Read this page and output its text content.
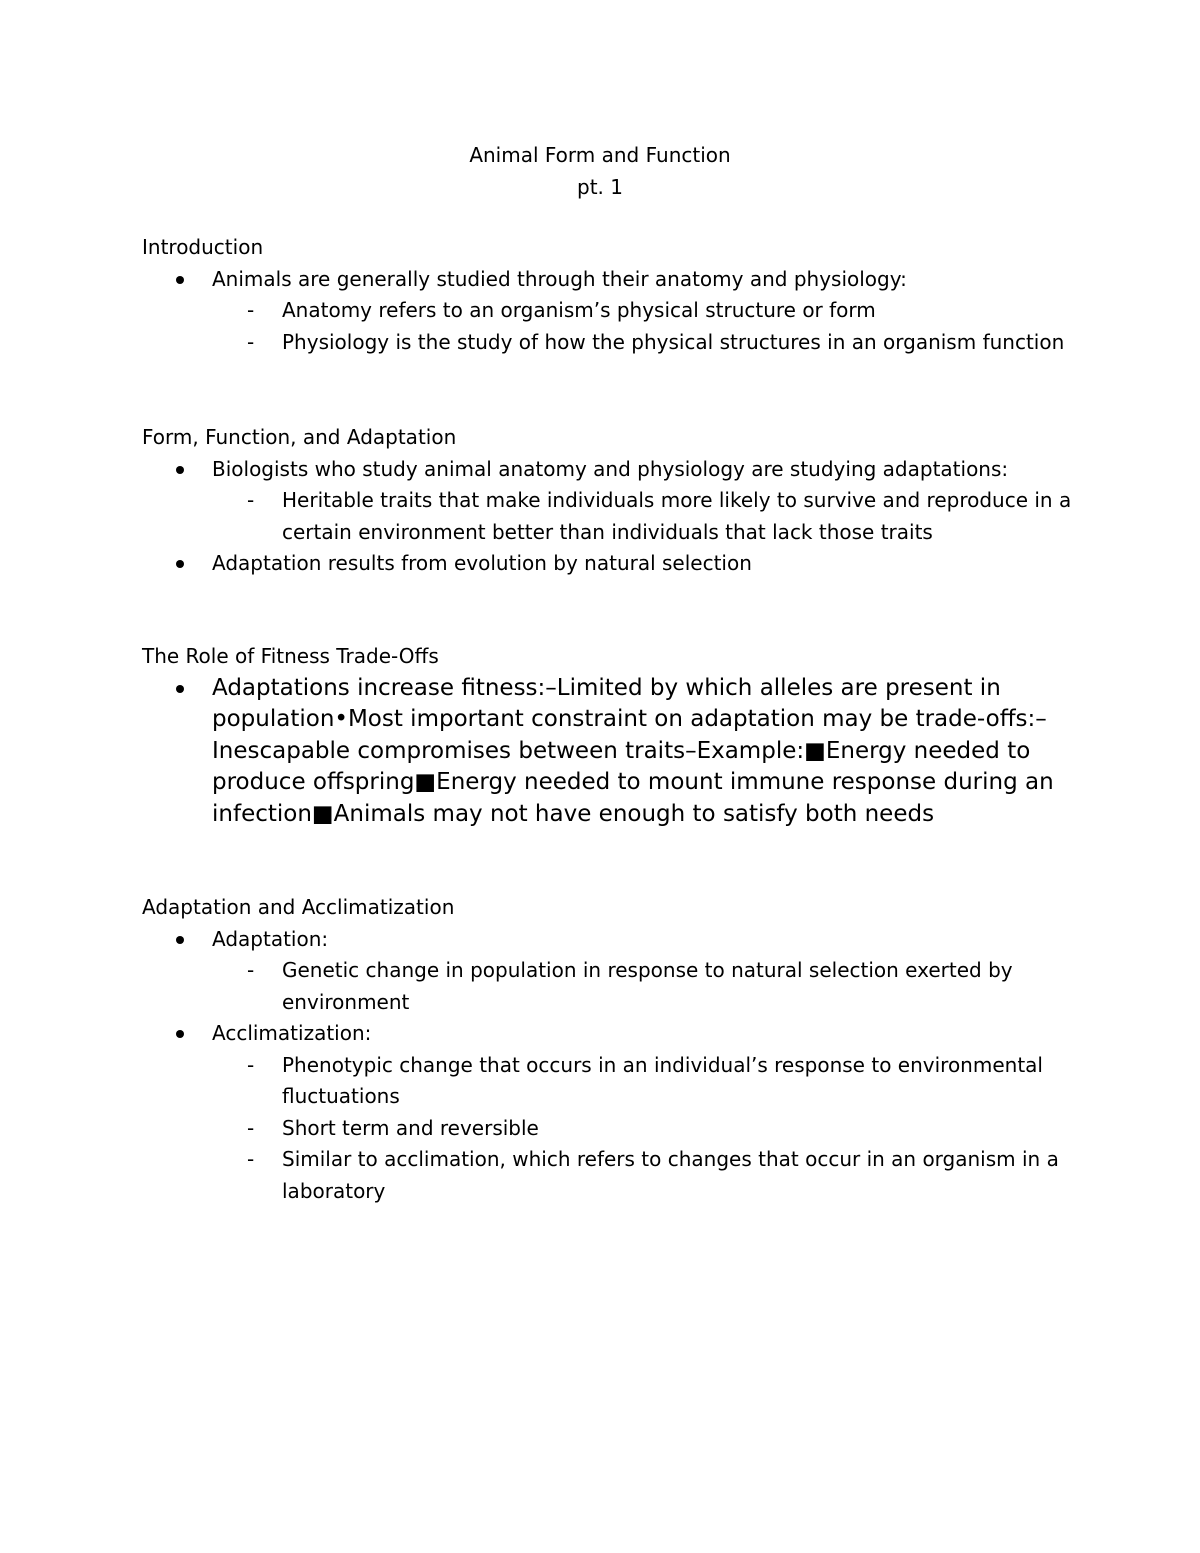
Animal Form and Function
pt. 1
Introduction
Animals are generally studied through their anatomy and physiology:
- Anatomy refers to an organism’s physical structure or form
- Physiology is the study of how the physical structures in an organism function
Form, Function, and Adaptation
Biologists who study animal anatomy and physiology are studying adaptations:
- Heritable traits that make individuals more likely to survive and reproduce in a certain environment better than individuals that lack those traits
Adaptation results from evolution by natural selection
The Role of Fitness Trade-Offs
Adaptations increase fitness:–Limited by which alleles are present in population•Most important constraint on adaptation may be trade-offs:–Inescapable compromises between traits–Example:■Energy needed to produce offspring■Energy needed to mount immune response during an infection■Animals may not have enough to satisfy both needs
Adaptation and Acclimatization
Adaptation:
- Genetic change in population in response to natural selection exerted by environment
Acclimatization:
- Phenotypic change that occurs in an individual’s response to environmental fluctuations
- Short term and reversible
- Similar to acclimation, which refers to changes that occur in an organism in a laboratory
